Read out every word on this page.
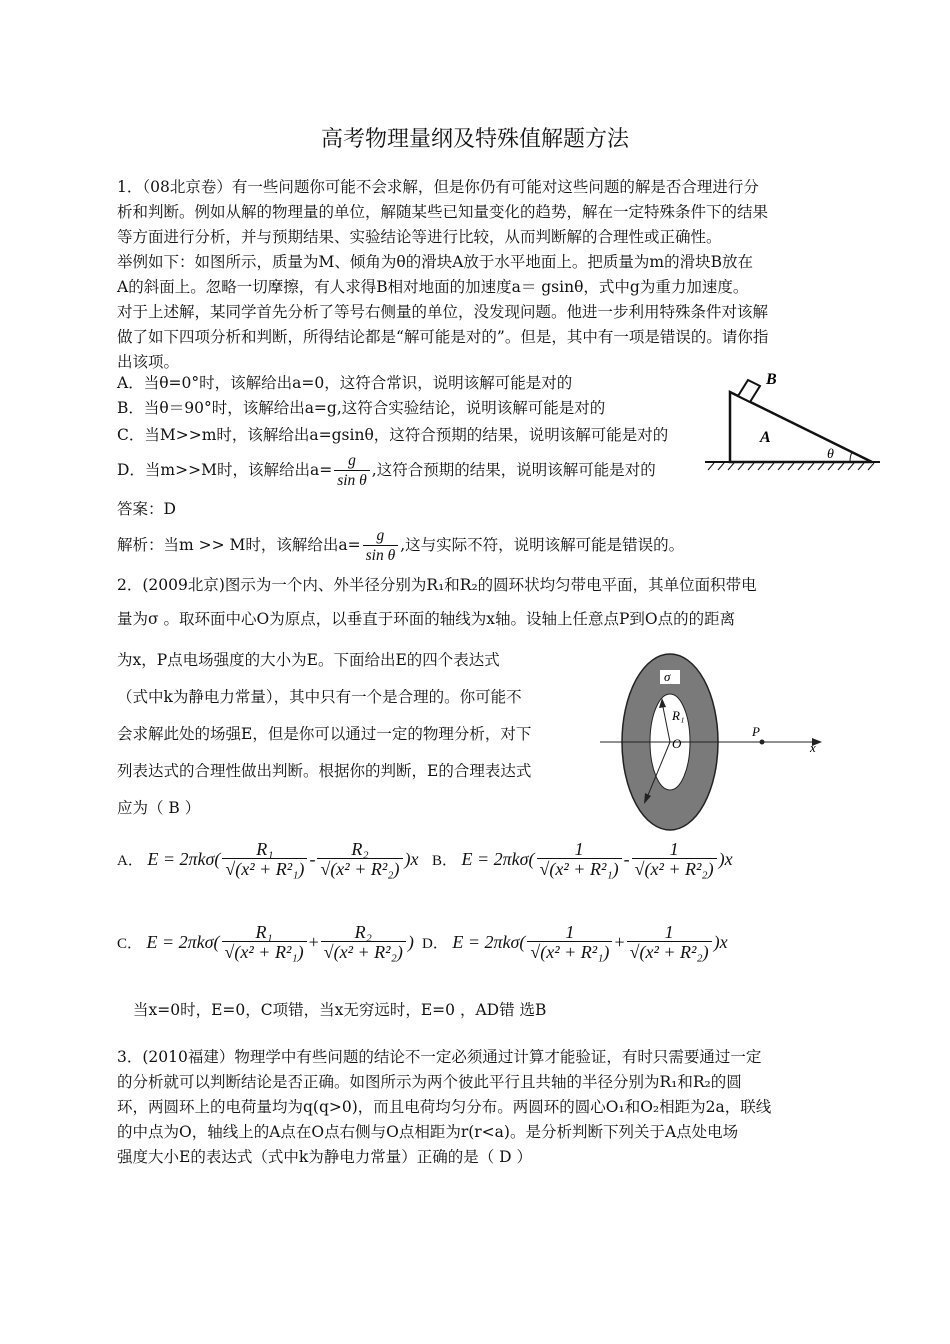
高考物理量纲及特殊值解题方法
1．（08北京卷）有一些问题你可能不会求解，但是你仍有可能对这些问题的解是否合理进行分
析和判断。例如从解的物理量的单位，解随某些已知量变化的趋势，解在一定特殊条件下的结果
等方面进行分析，并与预期结果、实验结论等进行比较，从而判断解的合理性或正确性。
举例如下：如图所示，质量为M、倾角为θ的滑块A放于水平地面上。把质量为m的滑块B放在
A的斜面上。忽略一切摩擦，有人求得B相对地面的加速度a＝ gsinθ，式中g为重力加速度。
对于上述解，某同学首先分析了等号右侧量的单位，没发现问题。他进一步利用特殊条件对该解
做了如下四项分析和判断，所得结论都是“解可能是对的”。但是，其中有一项是错误的。请你指
出该项。
A．当θ=0°时，该解给出a=0，这符合常识，说明该解可能是对的
B．当θ＝90°时，该解给出a=g,这符合实验结论，说明该解可能是对的
C．当M>>m时，该解给出a=gsinθ，这符合预期的结果，说明该解可能是对的
D．当m>>M时，该解给出$a= \frac{g}{\text{sin θ}}$ ,这符合预期的结果，说明该解可能是对的
答案：D
解析：当m >> M时，该解给出$a= \frac{g}{\text{sin θ}}$ ,这与实际不符，说明该解可能是错误的。
B
A
θ
2．(2009北京)图示为一个内、外半径分别为R₁和R₂的圆环状均匀带电平面，其单位面积带电
量为σ 。取环面中心O为原点，以垂直于环面的轴线为x轴。设轴上任意点P到O点的的距离
为x，P点电场强度的大小为E。下面给出E的四个表达式
（式中k为静电力常量），其中只有一个是合理的。你可能不
会求解此处的场强E，但是你可以通过一定的物理分析，对下
列表达式的合理性做出判断。根据你的判断，E的合理表达式
应为（ B ）
σ
R₁
O
R₂
P
x
A． $E = 2\pi k\sigma( \frac{\text{R₁}}{\text{√(x² + R²₁)}} - \frac{\text{R₂}}{\text{√(x² + R²₂)}} )x$ B． $E = 2\pi k\sigma( \frac{1}{\text{√(x² + R²₁)}} - \frac{1}{\text{√(x² + R²₂)}} )x$
C． $E = 2\pi k\sigma( \frac{\text{R₁}}{\text{√(x² + R²₁)}} + \frac{\text{R₂}}{\text{√(x² + R²₂)}}$ ) D． $E = 2\pi k\sigma( \frac{1}{\text{√(x² + R²₁)}} + \frac{1}{\text{√(x² + R²₂)}} )x$
当x=0时，E=0，C项错，当x无穷远时，E=0 ，AD错 选B
3．(2010福建）物理学中有些问题的结论不一定必须通过计算才能验证，有时只需要通过一定
的分析就可以判断结论是否正确。如图所示为两个彼此平行且共轴的半径分别为R₁和R₂的圆
环，两圆环上的电荷量均为q(q>0)，而且电荷均匀分布。两圆环的圆心O₁和O₂相距为2a，联线
的中点为O，轴线上的A点在O点右侧与O点相距为r(r<a)。是分析判断下列关于A点处电场
强度大小E的表达式（式中k为静电力常量）正确的是（ D ）
